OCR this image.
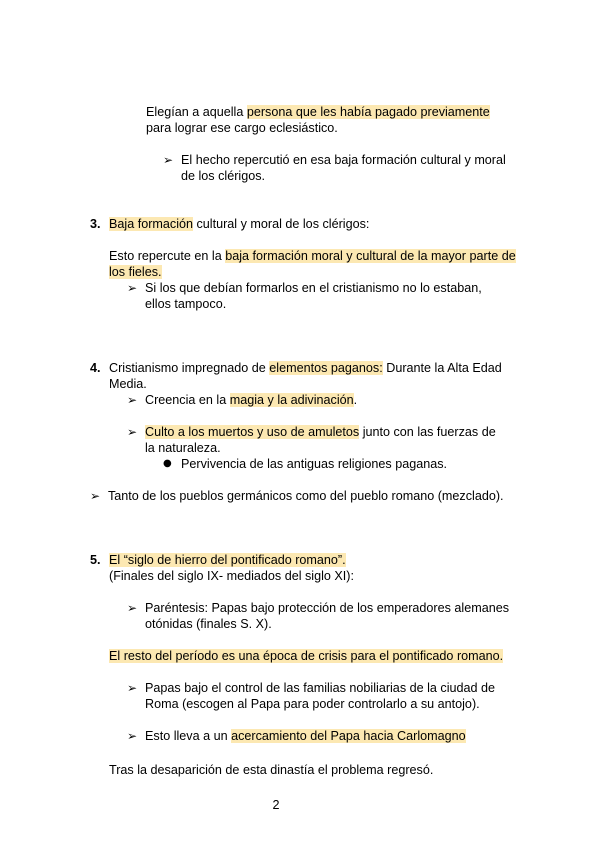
Elegían a aquella persona que les había pagado previamente para lograr ese cargo eclesiástico.
➢ El hecho repercutió en esa baja formación cultural y moral de los clérigos.
3. Baja formación cultural y moral de los clérigos:
Esto repercute en la baja formación moral y cultural de la mayor parte de los fieles.
➢ Si los que debían formarlos en el cristianismo no lo estaban, ellos tampoco.
4. Cristianismo impregnado de elementos paganos: Durante la Alta Edad Media.
➢ Creencia en la magia y la adivinación.
➢ Culto a los muertos y uso de amuletos junto con las fuerzas de la naturaleza.
● Pervivencia de las antiguas religiones paganas.
➢ Tanto de los pueblos germánicos como del pueblo romano (mezclado).
5. El “siglo de hierro del pontificado romano”.
(Finales del siglo IX- mediados del siglo XI):
➢ Paréntesis: Papas bajo protección de los emperadores alemanes otónidas (finales S. X).
El resto del período es una época de crisis para el pontificado romano.
➢ Papas bajo el control de las familias nobiliarias de la ciudad de Roma (escogen al Papa para poder controlarlo a su antojo).
➢ Esto lleva a un acercamiento del Papa hacia Carlomagno
Tras la desaparición de esta dinastía el problema regresó.
2
